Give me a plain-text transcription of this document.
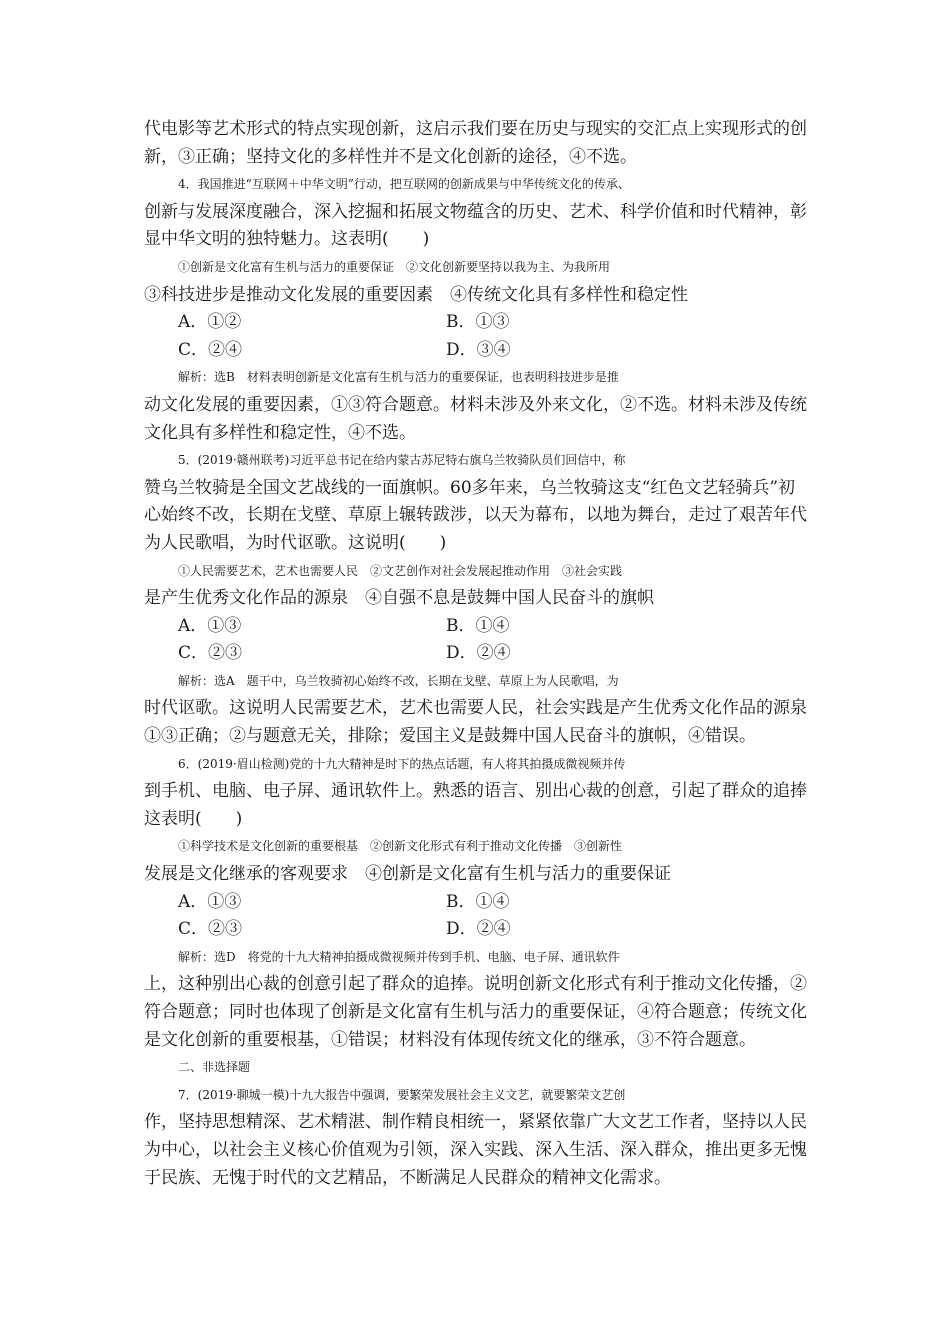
代电影等艺术形式的特点实现创新，这启示我们要在历史与现实的交汇点上实现形式的创
新，③正确；坚持文化的多样性并不是文化创新的途径，④不选。
4．我国推进“互联网＋中华文明”行动，把互联网的创新成果与中华传统文化的传承、
创新与发展深度融合，深入挖掘和拓展文物蕴含的历史、艺术、科学价值和时代精神，彰
显中华文明的独特魅力。这表明(　　)
①创新是文化富有生机与活力的重要保证　②文化创新要坚持以我为主、为我所用
③科技进步是推动文化发展的重要因素　④传统文化具有多样性和稳定性
A．①②	B．①③
C．②④	D．③④
解析：选B　材料表明创新是文化富有生机与活力的重要保证，也表明科技进步是推
动文化发展的重要因素，①③符合题意。材料未涉及外来文化，②不选。材料未涉及传统
文化具有多样性和稳定性，④不选。
5．(2019·赣州联考)习近平总书记在给内蒙古苏尼特右旗乌兰牧骑队员们回信中，称
赞乌兰牧骑是全国文艺战线的一面旗帜。60多年来，乌兰牧骑这支“红色文艺轻骑兵”初
心始终不改，长期在戈壁、草原上辗转跋涉，以天为幕布，以地为舞台，走过了艰苦年代
为人民歌唱，为时代讴歌。这说明(　　)
①人民需要艺术，艺术也需要人民　②文艺创作对社会发展起推动作用　③社会实践
是产生优秀文化作品的源泉　④自强不息是鼓舞中国人民奋斗的旗帜
A．①③	B．①④
C．②③	D．②④
解析：选A　题干中，乌兰牧骑初心始终不改，长期在戈壁、草原上为人民歌唱，为
时代讴歌。这说明人民需要艺术，艺术也需要人民，社会实践是产生优秀文化作品的源泉
①③正确；②与题意无关，排除；爱国主义是鼓舞中国人民奋斗的旗帜，④错误。
6．(2019·眉山检测)党的十九大精神是时下的热点话题，有人将其拍摄成微视频并传
到手机、电脑、电子屏、通讯软件上。熟悉的语言、别出心裁的创意，引起了群众的追捧
这表明(　　)
①科学技术是文化创新的重要根基　②创新文化形式有利于推动文化传播　③创新性
发展是文化继承的客观要求　④创新是文化富有生机与活力的重要保证
A．①③	B．①④
C．②③	D．②④
解析：选D　将党的十九大精神拍摄成微视频并传到手机、电脑、电子屏、通讯软件
上，这种别出心裁的创意引起了群众的追捧。说明创新文化形式有利于推动文化传播，②
符合题意；同时也体现了创新是文化富有生机与活力的重要保证，④符合题意；传统文化
是文化创新的重要根基，①错误；材料没有体现传统文化的继承，③不符合题意。
二、非选择题
7．(2019·聊城一模)十九大报告中强调，要繁荣发展社会主义文艺，就要繁荣文艺创
作，坚持思想精深、艺术精湛、制作精良相统一，紧紧依靠广大文艺工作者，坚持以人民
为中心，以社会主义核心价值观为引领，深入实践、深入生活、深入群众，推出更多无愧
于民族、无愧于时代的文艺精品，不断满足人民群众的精神文化需求。
